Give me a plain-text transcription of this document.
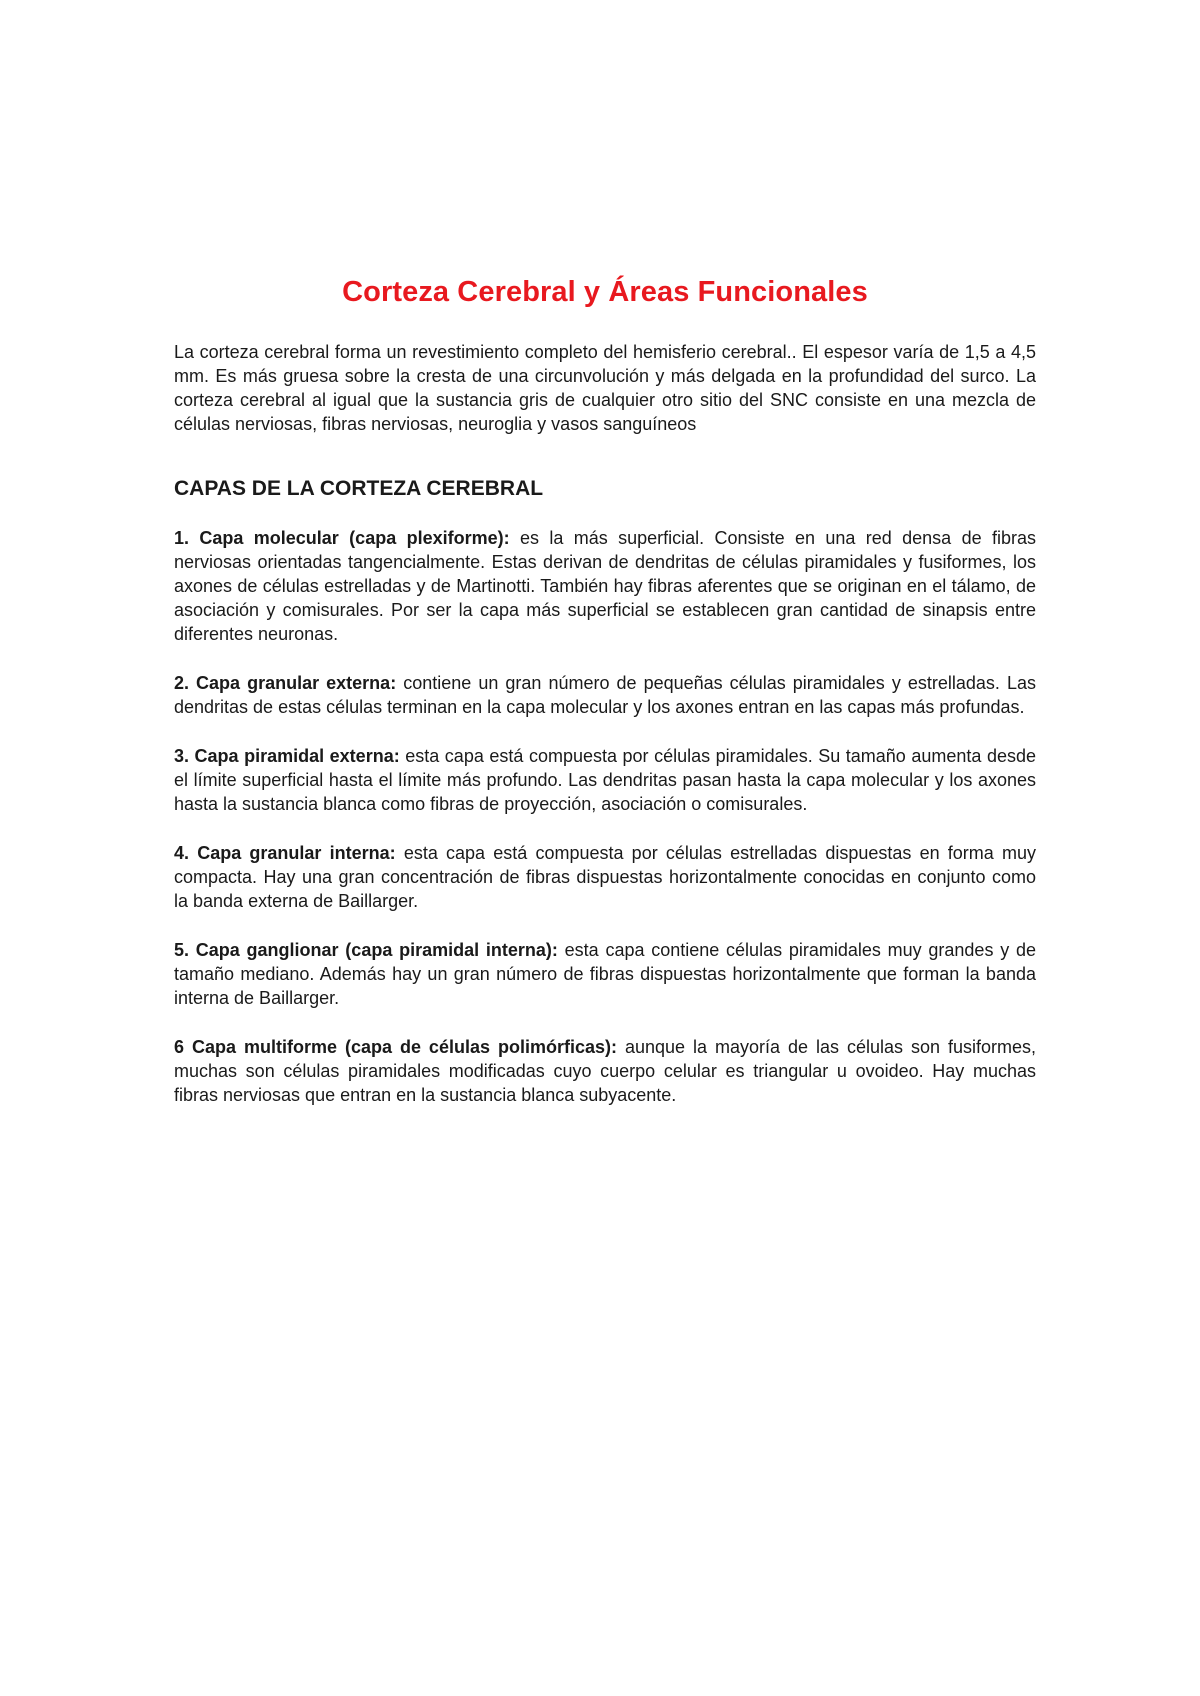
Corteza Cerebral y Áreas Funcionales

La corteza cerebral forma un revestimiento completo del hemisferio cerebral.. El espesor varía de 1,5 a 4,5 mm. Es más gruesa sobre la cresta de una circunvolución y más delgada en la profundidad del surco. La corteza cerebral al igual que la sustancia gris de cualquier otro sitio del SNC consiste en una mezcla de células nerviosas, fibras nerviosas, neuroglia y vasos sanguíneos

CAPAS DE LA CORTEZA CEREBRAL
1. Capa molecular (capa plexiforme): es la más superficial. Consiste en una red densa de fibras nerviosas orientadas tangencialmente. Estas derivan de dendritas de células piramidales y fusiformes, los axones de células estrelladas y de Martinotti. También hay fibras aferentes que se originan en el tálamo, de asociación y comisurales. Por ser la capa más superficial se establecen gran cantidad de sinapsis entre diferentes neuronas.
2. Capa granular externa: contiene un gran número de pequeñas células piramidales y estrelladas. Las dendritas de estas células terminan en la capa molecular y los axones entran en las capas más profundas.
3. Capa piramidal externa: esta capa está compuesta por células piramidales. Su tamaño aumenta desde el límite superficial hasta el límite más profundo. Las dendritas pasan hasta la capa molecular y los axones hasta la sustancia blanca como fibras de proyección, asociación o comisurales.
4. Capa granular interna: esta capa está compuesta por células estrelladas dispuestas en forma muy compacta. Hay una gran concentración de fibras dispuestas horizontalmente conocidas en conjunto como la banda externa de Baillarger.
5. Capa ganglionar (capa piramidal interna): esta capa contiene células piramidales muy grandes y de tamaño mediano. Además hay un gran número de fibras dispuestas horizontalmente que forman la banda interna de Baillarger.
6 Capa multiforme (capa de células polimórficas): aunque la mayoría de las células son fusiformes, muchas son células piramidales modificadas cuyo cuerpo celular es triangular u ovoideo. Hay muchas fibras nerviosas que entran en la sustancia blanca subyacente.
